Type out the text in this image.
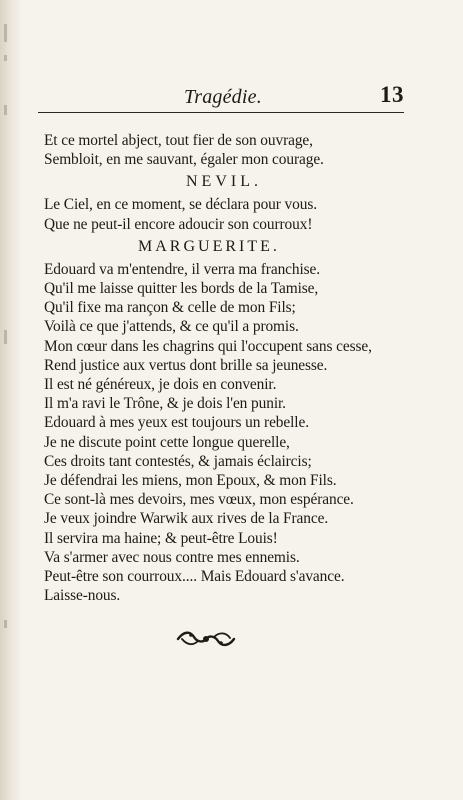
Tragédie.	13
Et ce mortel abject, tout fier de son ouvrage,
Sembloit, en me sauvant, égaler mon courage.
NEVIL.
Le Ciel, en ce moment, se déclara pour vous.
Que ne peut-il encore adoucir son courroux!
MARGUERITE.
Edouard va m'entendre, il verra ma franchise.
Qu'il me laisse quitter les bords de la Tamise,
Qu'il fixe ma rançon & celle de mon Fils;
Voilà ce que j'attends, & ce qu'il a promis.
Mon cœur dans les chagrins qui l'occupent sans cesse,
Rend justice aux vertus dont brille sa jeunesse.
Il est né généreux, je dois en convenir.
Il m'a ravi le Trône, & je dois l'en punir.
Edouard à mes yeux est toujours un rebelle.
Je ne discute point cette longue querelle,
Ces droits tant contestés, & jamais éclaircis;
Je défendrai les miens, mon Epoux, & mon Fils.
Ce sont-là mes devoirs, mes vœux, mon espérance.
Je veux joindre Warwik aux rives de la France.
Il servira ma haine; & peut-être Louis!
Va s'armer avec nous contre mes ennemis.
Peut-être son courroux.... Mais Edouard s'avance.
Laisse-nous.
